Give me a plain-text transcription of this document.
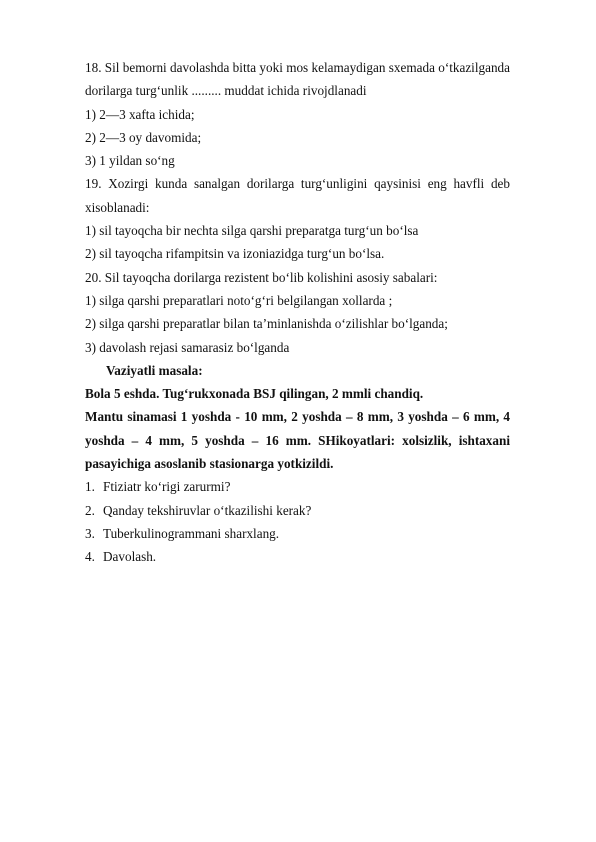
18. Sil bemorni davolashda bitta yoki mos kelamaydigan sxemada o‘tkazilganda
dorilarga turg‘unlik ......... muddat ichida rivojdlanadi
1) 2—3 xafta ichida;
2) 2—3 oy davomida;
3) 1 yildan so‘ng
19. Xozirgi kunda sanalgan dorilarga turg‘unligini qaysinisi eng havfli deb
xisoblanadi:
1) sil tayoqcha bir nechta silga qarshi preparatga turg‘un bo‘lsa
2) sil tayoqcha rifampitsin va izoniazidga turg‘un bo‘lsa.
20. Sil tayoqcha dorilarga rezistent bo‘lib kolishini asosiy sabalari:
1) silga qarshi preparatlari noto‘g‘ri belgilangan xollarda ;
2) silga qarshi preparatlar bilan ta’minlanishda o‘zilishlar bo‘lganda;
3) davolash rejasi samarasiz bo‘lganda
Vaziyatli masala:
Bola 5 eshda. Tug‘rukxonada BSJ qilingan, 2 mmli chandiq.
Mantu sinamasi 1 yoshda - 10 mm, 2 yoshda – 8 mm, 3 yoshda – 6 mm, 4
yoshda – 4 mm, 5 yoshda – 16 mm. SHikoyatlari: xolsizlik, ishtaxani
pasayichiga asoslanib stasionarga yotkizildi.
1. Ftiziatr ko‘rigi zarurmi?
2. Qanday tekshiruvlar o‘tkazilishi kerak?
3. Tuberkulinogrammani sharxlang.
4. Davolash.
